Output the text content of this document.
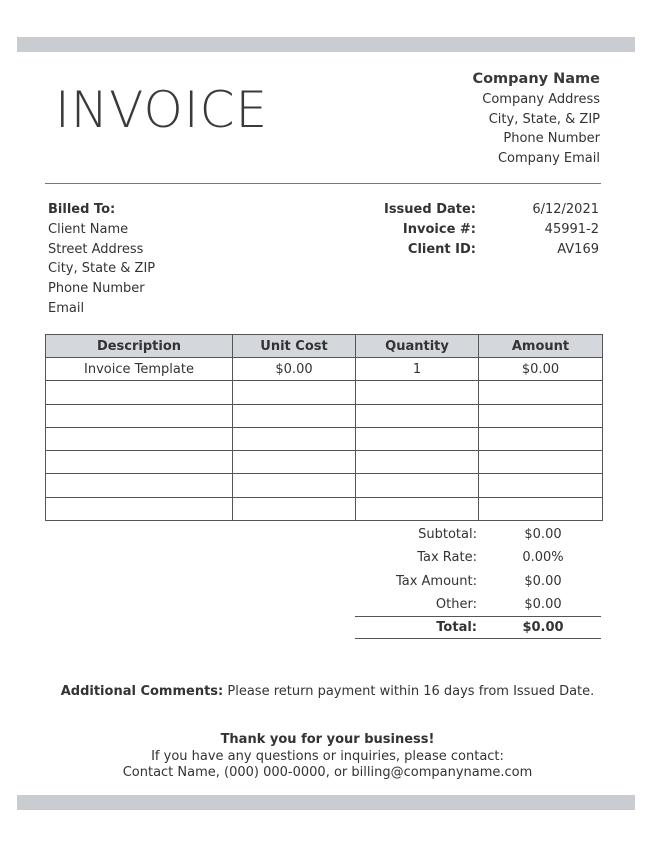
INVOICE
Company Name
Company Address
City, State, & ZIP
Phone Number
Company Email
Billed To:
Client Name
Street Address
City, State & ZIP
Phone Number
Email
Issued Date:	6/12/2021
Invoice #:	45991-2
Client ID:	AV169
Description	Unit Cost	Quantity	Amount
Invoice Template	$0.00	1	$0.00

Subtotal:	$0.00
Tax Rate:	0.00%
Tax Amount:	$0.00
Other:	$0.00
Total:	$0.00
Additional Comments: Please return payment within 16 days from Issued Date.
Thank you for your business!
If you have any questions or inquiries, please contact:
Contact Name, (000) 000-0000, or billing@companyname.com
